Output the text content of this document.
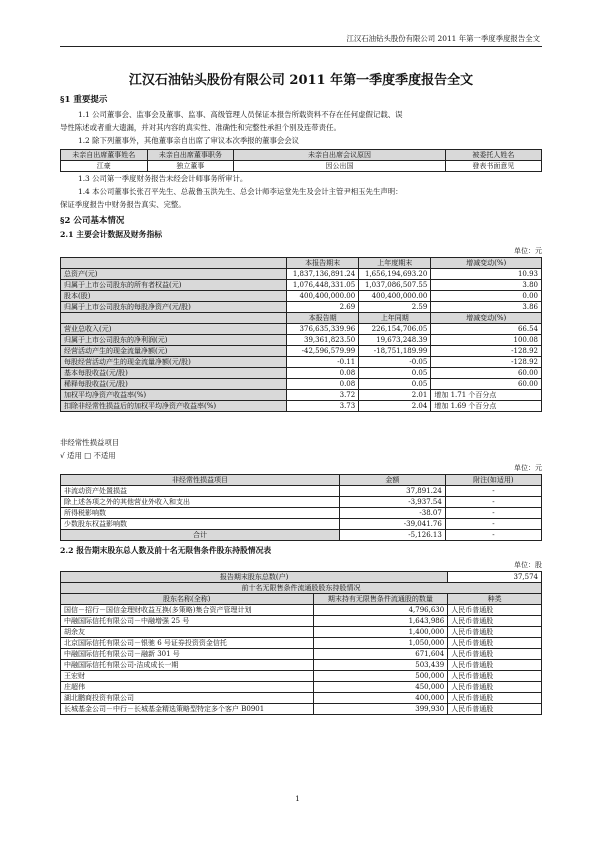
江汉石油钻头股份有限公司 2011 年第一季度季度报告全文
江汉石油钻头股份有限公司 2011 年第一季度季度报告全文
§1 重要提示
1.1 公司董事会、监事会及董事、监事、高级管理人员保证本报告所载资料不存在任何虚假记载、误
导性陈述或者重大遗漏，并对其内容的真实性、准确性和完整性承担个别及连带责任。
1.2 除下列董事外，其他董事亲自出席了审议本次季报的董事会会议
未亲自出席董事姓名	未亲自出席董事职务	未亲自出席会议原因	被委托人姓名
江豪	独立董事	因公出国	發表书面意见
1.3 公司第一季度财务报告未经会计师事务所审计。
1.4 本公司董事长张召平先生、总裁鲁玉洪先生、总会计师李运堂先生及会计主管尹相玉先生声明：
保证季度报告中财务报告真实、完整。
§2 公司基本情况
2.1 主要会计数据及财务指标
单位：元
	本报告期末	上年度期末	增减变动(%)
总资产(元)	1,837,136,891.24	1,656,194,693.20	10.93
归属于上市公司股东的所有者权益(元)	1,076,448,331.05	1,037,086,507.55	3.80
股本(股)	400,400,000.00	400,400,000.00	0.00
归属于上市公司股东的每股净资产(元/股)	2.69	2.59	3.86
	本报告期	上年同期	增减变动(%)
营业总收入(元)	376,635,339.96	226,154,706.05	66.54
归属于上市公司股东的净利润(元)	39,361,823.50	19,673,248.39	100.08
经营活动产生的现金流量净额(元)	-42,596,579.99	-18,751,189.99	-128.92
每股经营活动产生的现金流量净额(元/股)	-0.11	-0.05	-128.92
基本每股收益(元/股)	0.08	0.05	60.00
稀释每股收益(元/股)	0.08	0.05	60.00
加权平均净资产收益率(%)	3.72	2.01	增加 1.71 个百分点
扣除非经常性损益后的加权平均净资产收益率(%)	3.73	2.04	增加 1.69 个百分点
非经常性损益项目
√ 适用 □ 不适用
单位：元
非经常性损益项目	金额	附注(如适用)
非流动资产处置损益	37,891.24	-
除上述各项之外的其他营业外收入和支出	-3,937.54	-
所得税影响数	-38.07	-
少数股东权益影响数	-39,041.76	-
合计	-5,126.13	-
2.2 报告期末股东总人数及前十名无限售条件股东持股情况表
单位：股
报告期末股东总数(户)		37,574
前十名无限售条件流通股股东持股情况		
股东名称(全称)	期末持有无限售条件流通股的数量	种类
国信－招行－国信金理财收益互换(多策略)集合资产管理计划	4,796,630	人民币普通股
中融国际信托有限公司－中融增强 25 号	1,643,986	人民币普通股
胡余友	1,400,000	人民币普通股
北京国际信托有限公司－银驰 6 号证券投资资金信托	1,050,000	人民币普通股
中融国际信托有限公司－融新 301 号	671,604	人民币普通股
中融国际信托有限公司-洁成成长一期	503,439	人民币普通股
王宏财	500,000	人民币普通股
庄超伟	450,000	人民币普通股
湖北鹏商投资有限公司	400,000	人民币普通股
长城基金公司－中行－长城基金精选策略型特定多个客户 B0901	399,930	人民币普通股
1
